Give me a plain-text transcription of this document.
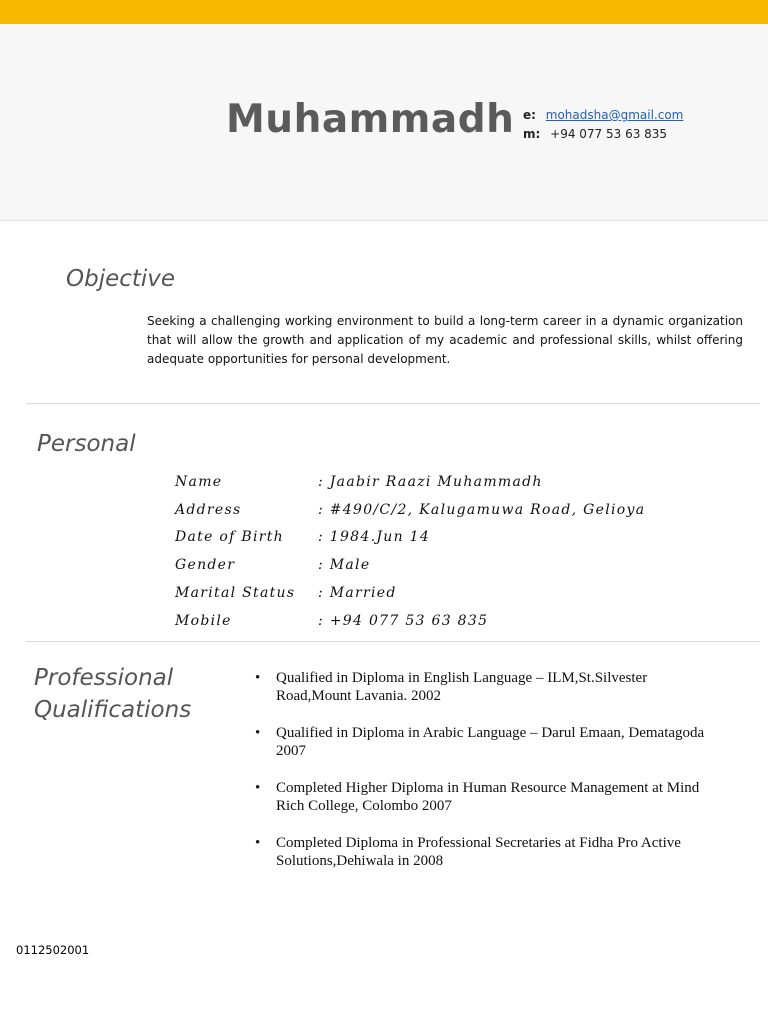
Muhammadh e: mohadsha@gmail.com
m: +94 077 53 63 835
Objective

Seeking a challenging working environment to build a long-term career in a dynamic organization that will allow the growth and application of my academic and professional skills, whilst offering adequate opportunities for personal development.

Personal
Name	: Jaabir Raazi Muhammadh
Address	: #490/C/2, Kalugamuwa Road, Gelioya
Date of Birth	: 1984.Jun 14
Gender	: Male
Marital Status	: Married
Mobile	: +94 077 53 63 835
Professional Qualifications
• Qualified in Diploma in English Language – ILM,St.Silvester Road,Mount Lavania. 2002
• Qualified in Diploma in Arabic Language – Darul Emaan, Dematagoda 2007
• Completed Higher Diploma in Human Resource Management at Mind Rich College, Colombo 2007
• Completed Diploma in Professional Secretaries at Fidha Pro Active Solutions,Dehiwala in 2008
0112502001
